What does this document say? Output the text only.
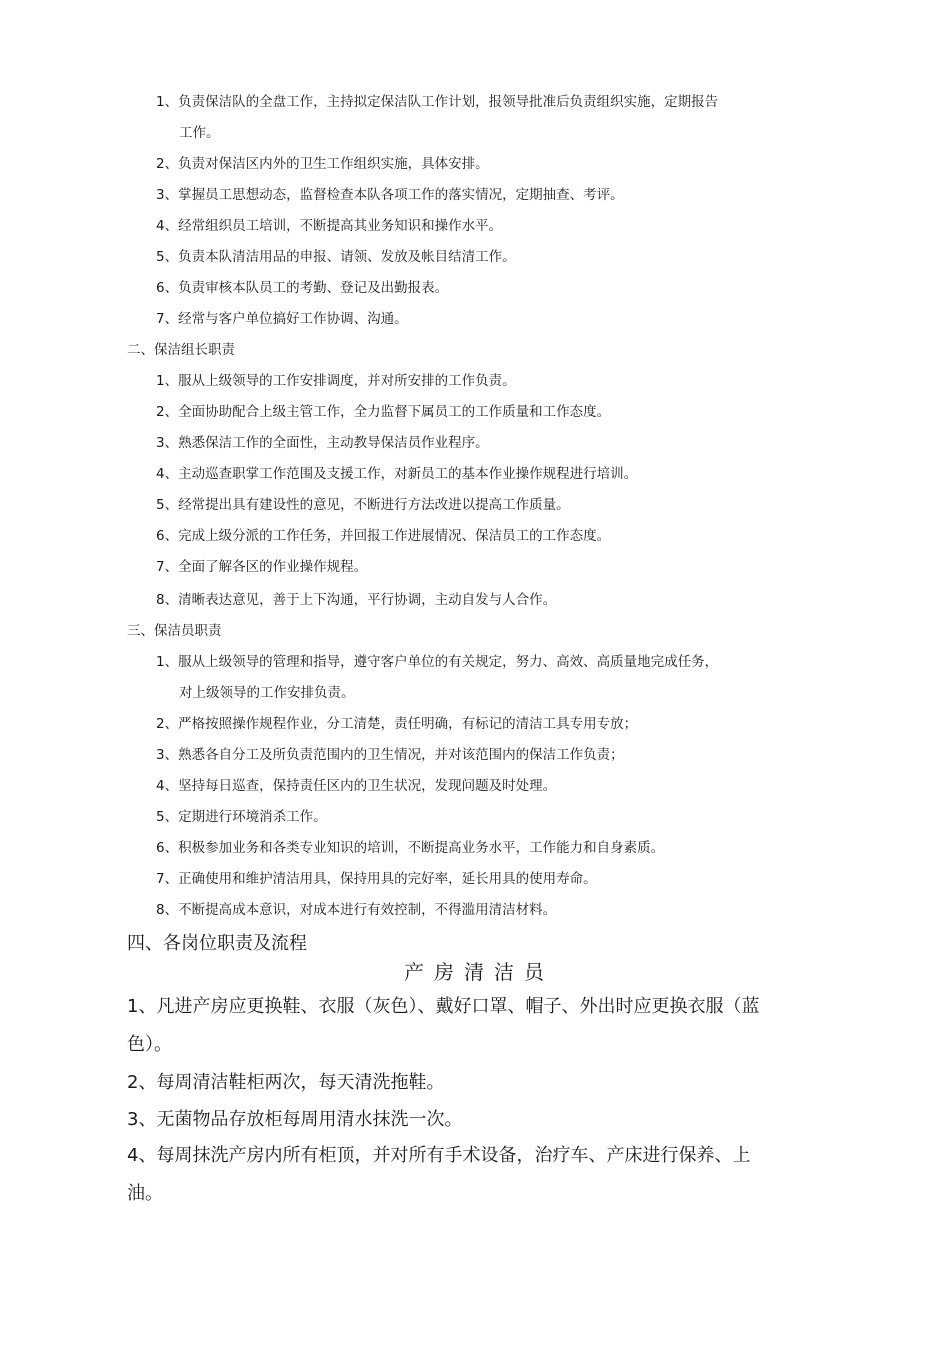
1、负责保洁队的全盘工作，主持拟定保洁队工作计划，报领导批准后负责组织实施，定期报告
工作。
2、负责对保洁区内外的卫生工作组织实施，具体安排。
3、掌握员工思想动态，监督检查本队各项工作的落实情况，定期抽查、考评。
4、经常组织员工培训，不断提高其业务知识和操作水平。
5、负责本队清洁用品的申报、请领、发放及帐目结清工作。
6、负责审核本队员工的考勤、登记及出勤报表。
7、经常与客户单位搞好工作协调、沟通。
二、保洁组长职责
1、服从上级领导的工作安排调度，并对所安排的工作负责。
2、全面协助配合上级主管工作，全力监督下属员工的工作质量和工作态度。
3、熟悉保洁工作的全面性，主动教导保洁员作业程序。
4、主动巡查职掌工作范围及支援工作，对新员工的基本作业操作规程进行培训。
5、经常提出具有建设性的意见，不断进行方法改进以提高工作质量。
6、完成上级分派的工作任务，并回报工作进展情况、保洁员工的工作态度。
7、全面了解各区的作业操作规程。
8、清晰表达意见，善于上下沟通，平行协调，主动自发与人合作。
三、保洁员职责
1、服从上级领导的管理和指导，遵守客户单位的有关规定，努力、高效、高质量地完成任务，
对上级领导的工作安排负责。
2、严格按照操作规程作业，分工清楚，责任明确，有标记的清洁工具专用专放；
3、熟悉各自分工及所负责范围内的卫生情况，并对该范围内的保洁工作负责；
4、坚持每日巡查，保持责任区内的卫生状况，发现问题及时处理。
5、定期进行环境消杀工作。
6、积极参加业务和各类专业知识的培训，不断提高业务水平，工作能力和自身素质。
7、正确使用和维护清洁用具，保持用具的完好率，延长用具的使用寿命。
8、不断提高成本意识，对成本进行有效控制，不得滥用清洁材料。
四、各岗位职责及流程
产房清洁员
1、凡进产房应更换鞋、衣服（灰色）、戴好口罩、帽子、外出时应更换衣服（蓝
色）。
2、每周清洁鞋柜两次，每天清洗拖鞋。
3、无菌物品存放柜每周用清水抹洗一次。
4、每周抹洗产房内所有柜顶，并对所有手术设备，治疗车、产床进行保养、上
油。
